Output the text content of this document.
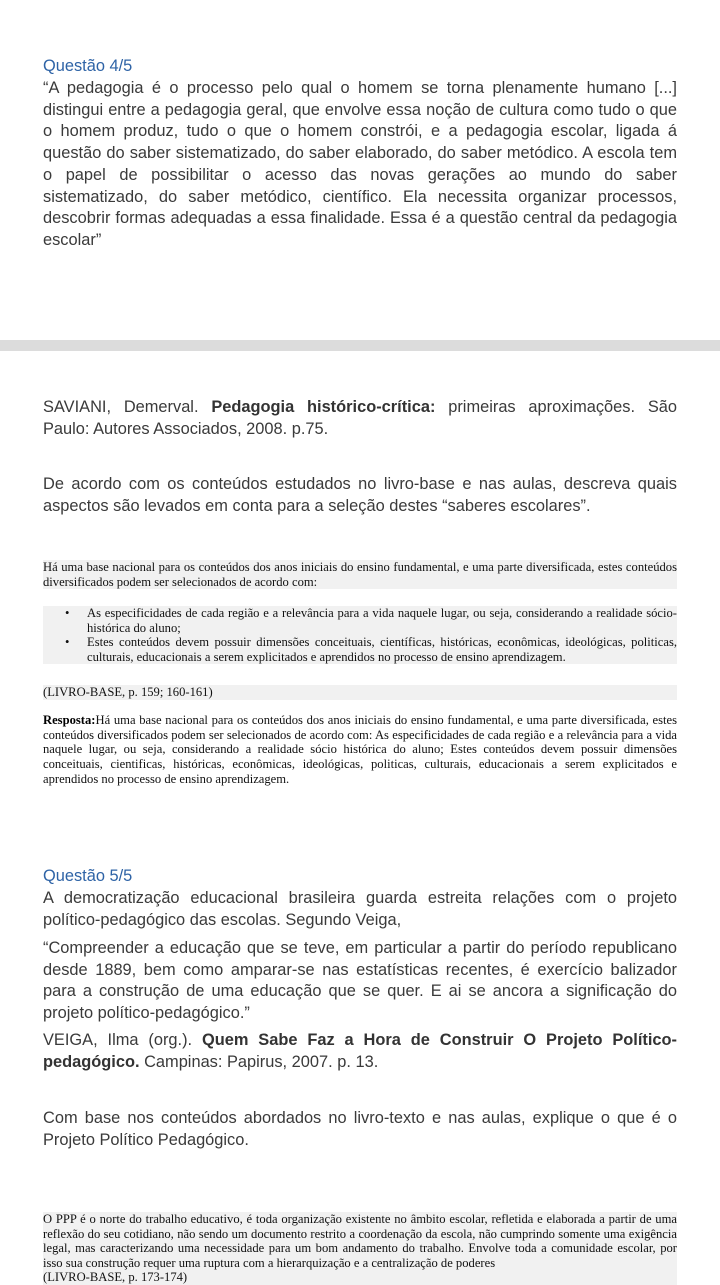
Questão 4/5
“A pedagogia é o processo pelo qual o homem se torna plenamente humano [...] distingui entre a pedagogia geral, que envolve essa noção de cultura como tudo o que o homem produz, tudo o que o homem constrói, e a pedagogia escolar, ligada á questão do saber sistematizado, do saber elaborado, do saber metódico. A escola tem o papel de possibilitar o acesso das novas gerações ao mundo do saber sistematizado, do saber metódico, científico. Ela necessita organizar processos, descobrir formas adequadas a essa finalidade. Essa é a questão central da pedagogia escolar”
SAVIANI, Demerval. Pedagogia histórico-crítica: primeiras aproximações. São Paulo: Autores Associados, 2008. p.75.
De acordo com os conteúdos estudados no livro-base e nas aulas, descreva quais aspectos são levados em conta para a seleção destes “saberes escolares”.
Há uma base nacional para os conteúdos dos anos iniciais do ensino fundamental, e uma parte diversificada, estes conteúdos diversificados podem ser selecionados de acordo com:
• As especificidades de cada região e a relevância para a vida naquele lugar, ou seja, considerando a realidade sócio-histórica do aluno;
• Estes conteúdos devem possuir dimensões conceituais, científicas, históricas, econômicas, ideológicas, politicas, culturais, educacionais a serem explicitados e aprendidos no processo de ensino aprendizagem.
(LIVRO-BASE, p. 159; 160-161)
Resposta:Há uma base nacional para os conteúdos dos anos iniciais do ensino fundamental, e uma parte diversificada, estes conteúdos diversificados podem ser selecionados de acordo com: As especificidades de cada região e a relevância para a vida naquele lugar, ou seja, considerando a realidade sócio histórica do aluno; Estes conteúdos devem possuir dimensões conceituais, cientificas, históricas, econômicas, ideológicas, politicas, culturais, educacionais a serem explicitados e aprendidos no processo de ensino aprendizagem.
Questão 5/5
A democratização educacional brasileira guarda estreita relações com o projeto político-pedagógico das escolas. Segundo Veiga,
“Compreender a educação que se teve, em particular a partir do período republicano desde 1889, bem como amparar-se nas estatísticas recentes, é exercício balizador para a construção de uma educação que se quer. E ai se ancora a significação do projeto político-pedagógico.”
VEIGA, Ilma (org.). Quem Sabe Faz a Hora de Construir O Projeto Político-pedagógico. Campinas: Papirus, 2007. p. 13.
Com base nos conteúdos abordados no livro-texto e nas aulas, explique o que é o Projeto Político Pedagógico.
O PPP é o norte do trabalho educativo, é toda organização existente no âmbito escolar, refletida e elaborada a partir de uma reflexão do seu cotidiano, não sendo um documento restrito a coordenação da escola, não cumprindo somente uma exigência legal, mas caracterizando uma necessidade para um bom andamento do trabalho. Envolve toda a comunidade escolar, por isso sua construção requer uma ruptura com a hierarquização e a centralização de poderes
(LIVRO-BASE, p. 173-174)
